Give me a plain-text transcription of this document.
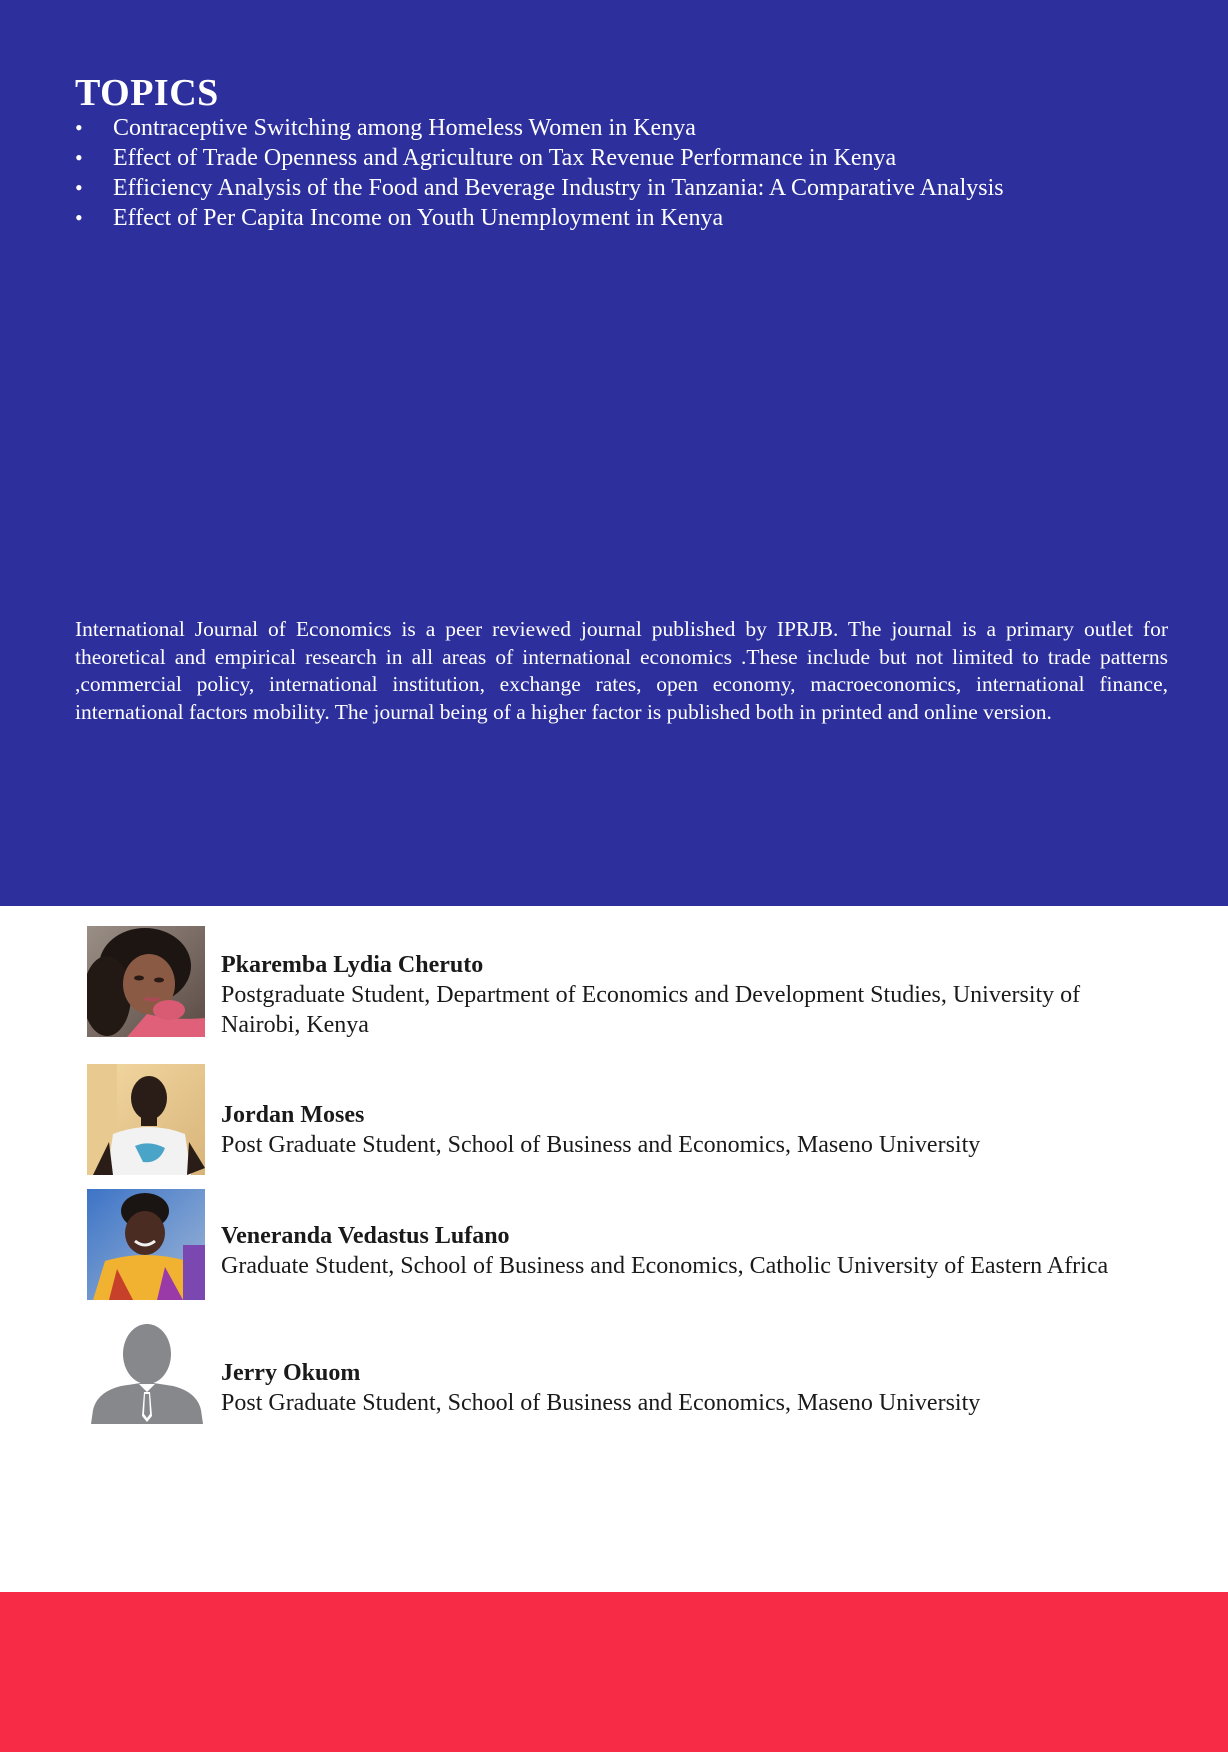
TOPICS
• Contraceptive Switching among Homeless Women in Kenya
• Effect of Trade Openness and Agriculture on Tax Revenue Performance in Kenya
• Efficiency Analysis of the Food and Beverage Industry in Tanzania: A Comparative Analysis
• Effect of Per Capita Income on Youth Unemployment in Kenya

International Journal of Economics is a peer reviewed journal published by IPRJB. The journal is a primary outlet for theoretical and empirical research in all areas of international economics .These include but not limited to trade patterns ,commercial policy, international institution, exchange rates, open economy, macroeconomics, international finance, international factors mobility. The journal being of a higher factor is published both in printed and online version.

Pkaremba Lydia Cheruto
Postgraduate Student, Department of Economics and Development Studies, University of Nairobi, Kenya
Jordan Moses
Post Graduate Student, School of Business and Economics, Maseno University
Veneranda Vedastus Lufano
Graduate Student, School of Business and Economics, Catholic University of Eastern Africa
Jerry Okuom
Post Graduate Student, School of Business and Economics, Maseno University
